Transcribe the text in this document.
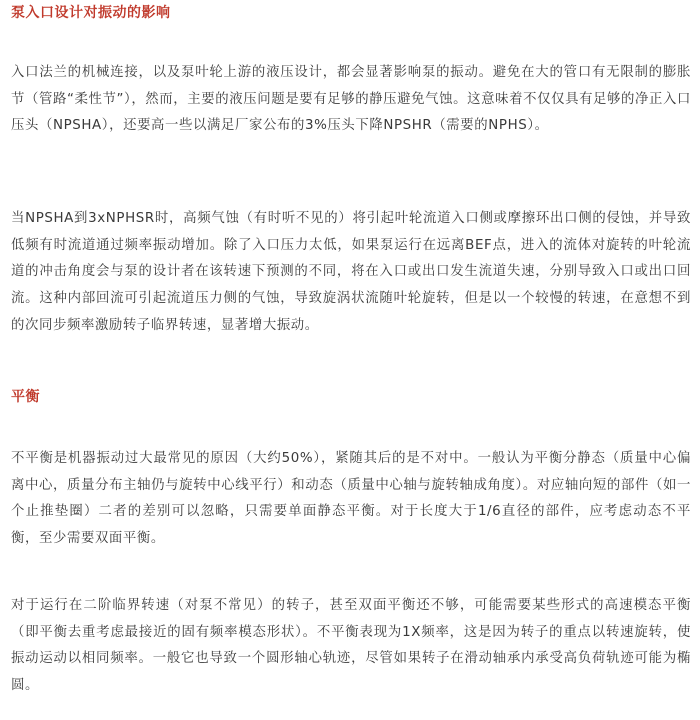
泵入口设计对振动的影响

入口法兰的机械连接，以及泵叶轮上游的液压设计，都会显著影响泵的振动。避免在大的管口有无限制的膨胀节（管路“柔性节”），然而，主要的液压问题是要有足够的静压避免气蚀。这意味着不仅仅具有足够的净正入口压头（NPSHA），还要高一些以满足厂家公布的3%压头下降NPSHR（需要的NPHS）。

当NPSHA到3xNPHSR时，高频气蚀（有时听不见的）将引起叶轮流道入口侧或摩擦环出口侧的侵蚀，并导致低频有时流道通过频率振动增加。除了入口压力太低，如果泵运行在远离BEF点，进入的流体对旋转的叶轮流道的冲击角度会与泵的设计者在该转速下预测的不同，将在入口或出口发生流道失速，分别导致入口或出口回流。这种内部回流可引起流道压力侧的气蚀，导致旋涡状流随叶轮旋转，但是以一个较慢的转速，在意想不到的次同步频率激励转子临界转速，显著增大振动。

平衡

不平衡是机器振动过大最常见的原因（大约50%），紧随其后的是不对中。一般认为平衡分静态（质量中心偏离中心，质量分布主轴仍与旋转中心线平行）和动态（质量中心轴与旋转轴成角度）。对应轴向短的部件（如一个止推垫圈）二者的差别可以忽略，只需要单面静态平衡。对于长度大于1/6直径的部件，应考虑动态不平衡，至少需要双面平衡。

对于运行在二阶临界转速（对泵不常见）的转子，甚至双面平衡还不够，可能需要某些形式的高速模态平衡（即平衡去重考虑最接近的固有频率模态形状）。不平衡表现为1X频率，这是因为转子的重点以转速旋转，使振动运动以相同频率。一般它也导致一个圆形轴心轨迹，尽管如果转子在滑动轴承内承受高负荷轨迹可能为椭圆。
